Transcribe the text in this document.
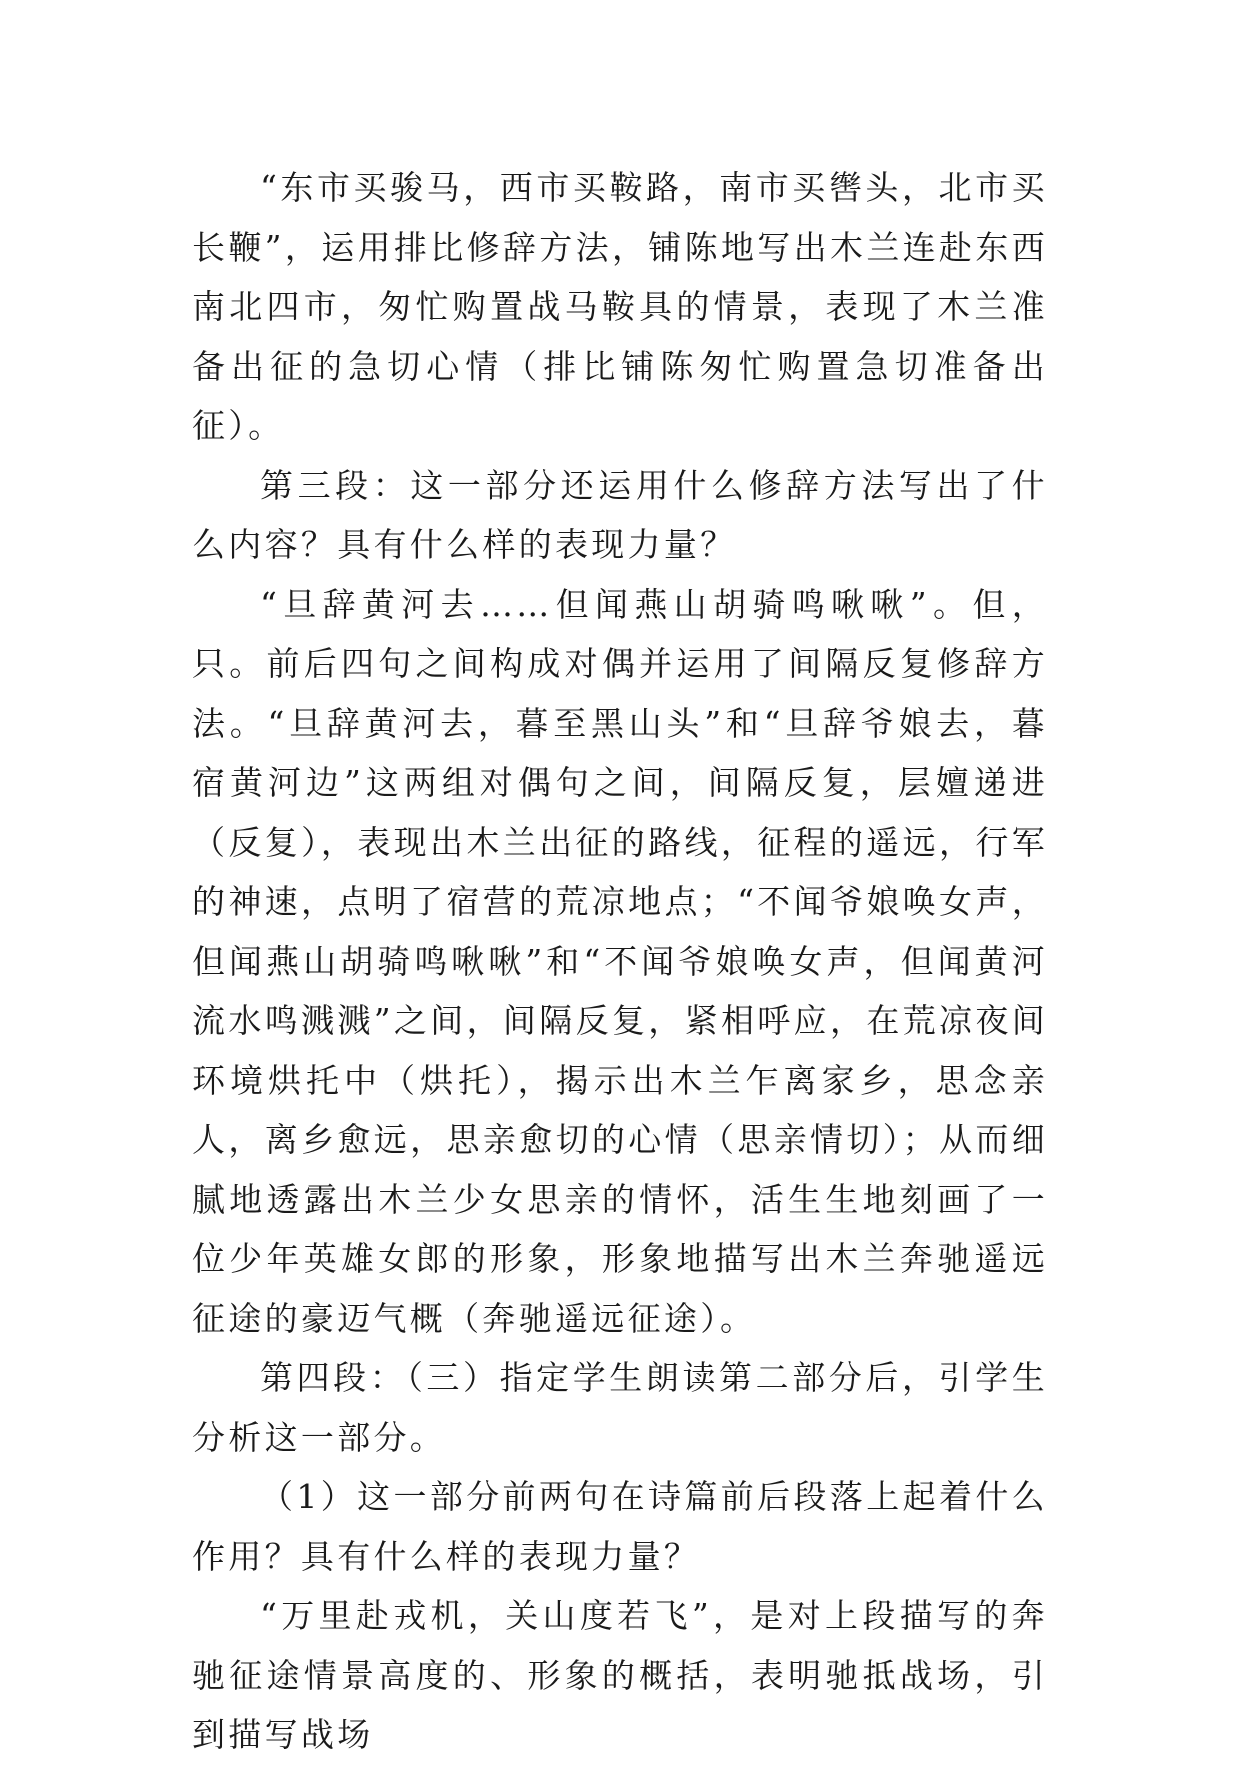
“东市买骏马，西市买鞍路，南市买辔头，北市买长鞭”，运用排比修辞方法，铺陈地写出木兰连赴东西南北四市，匆忙购置战马鞍具的情景，表现了木兰准备出征的急切心情（排比铺陈匆忙购置急切准备出征）。

第三段：这一部分还运用什么修辞方法写出了什么内容？具有什么样的表现力量？

“旦辞黄河去……但闻燕山胡骑鸣啾啾”。但，只。前后四句之间构成对偶并运用了间隔反复修辞方法。“旦辞黄河去，暮至黑山头”和“旦辞爷娘去，暮宿黄河边”这两组对偶句之间，间隔反复，层嬗递进（反复），表现出木兰出征的路线，征程的遥远，行军的神速，点明了宿营的荒凉地点；“不闻爷娘唤女声，但闻燕山胡骑鸣啾啾”和“不闻爷娘唤女声，但闻黄河流水鸣溅溅”之间，间隔反复，紧相呼应，在荒凉夜间环境烘托中（烘托），揭示出木兰乍离家乡，思念亲人，离乡愈远，思亲愈切的心情（思亲情切）；从而细腻地透露出木兰少女思亲的情怀，活生生地刻画了一位少年英雄女郎的形象，形象地描写出木兰奔驰遥远征途的豪迈气概（奔驰遥远征途）。

第四段：（三）指定学生朗读第二部分后，引学生分析这一部分。

（1）这一部分前两句在诗篇前后段落上起着什么作用？具有什么样的表现力量？

“万里赴戎机，关山度若飞”，是对上段描写的奔驰征途情景高度的、形象的概括，表明驰抵战场，引到描写战场
